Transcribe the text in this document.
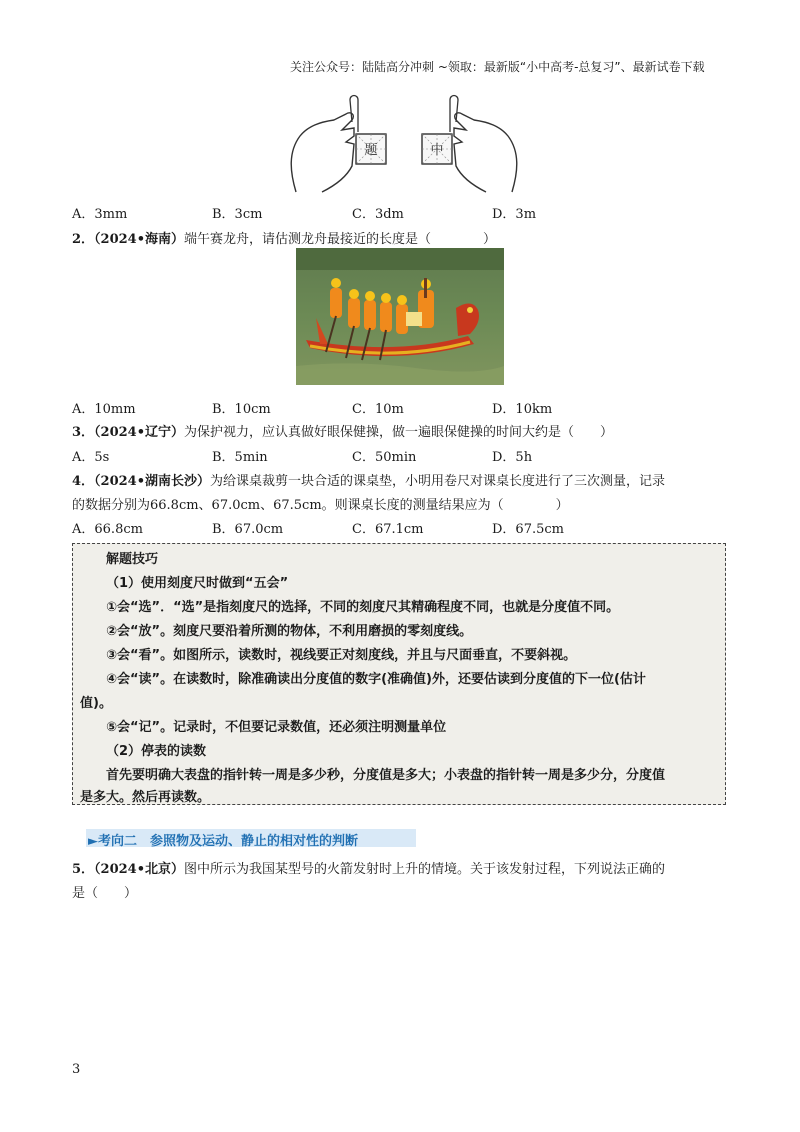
关注公众号：陆陆高分冲刺 ~领取：最新版“小中高考-总复习”、最新试卷下载
题	中
A．3mm	B．3cm	C．3dm	D．3m
2．（2024•海南）端午赛龙舟，请估测龙舟最接近的长度是（　　　　）
A．10mm	B．10cm	C．10m	D．10km
3．（2024•辽宁）为保护视力，应认真做好眼保健操，做一遍眼保健操的时间大约是（　　）
A．5s	B．5min	C．50min	D．5h
4．（2024•湖南长沙）为给课桌裁剪一块合适的课桌垫，小明用卷尺对课桌长度进行了三次测量，记录
的数据分别为66.8cm、67.0cm、67.5cm。则课桌长度的测量结果应为（　　　　）
A．66.8cm	B．67.0cm	C．67.1cm	D．67.5cm
解题技巧
（1）使用刻度尺时做到“五会”
①会“选”．“选”是指刻度尺的选择，不同的刻度尺其精确程度不同，也就是分度值不同。
②会“放”。刻度尺要沿着所测的物体，不利用磨损的零刻度线。
③会“看”。如图所示，读数时，视线要正对刻度线，并且与尺面垂直，不要斜视。
④会“读”。在读数时，除准确读出分度值的数字(准确值)外，还要估读到分度值的下一位(估计
值)。
⑤会“记”。记录时，不但要记录数值，还必须注明测量单位
（2）停表的读数
首先要明确大表盘的指针转一周是多少秒，分度值是多大；小表盘的指针转一周是多少分，分度值
是多大。然后再读数。
►考向二　参照物及运动、静止的相对性的判断
5．（2024•北京）图中所示为我国某型号的火箭发射时上升的情境。关于该发射过程，下列说法正确的
是（　　）
3
